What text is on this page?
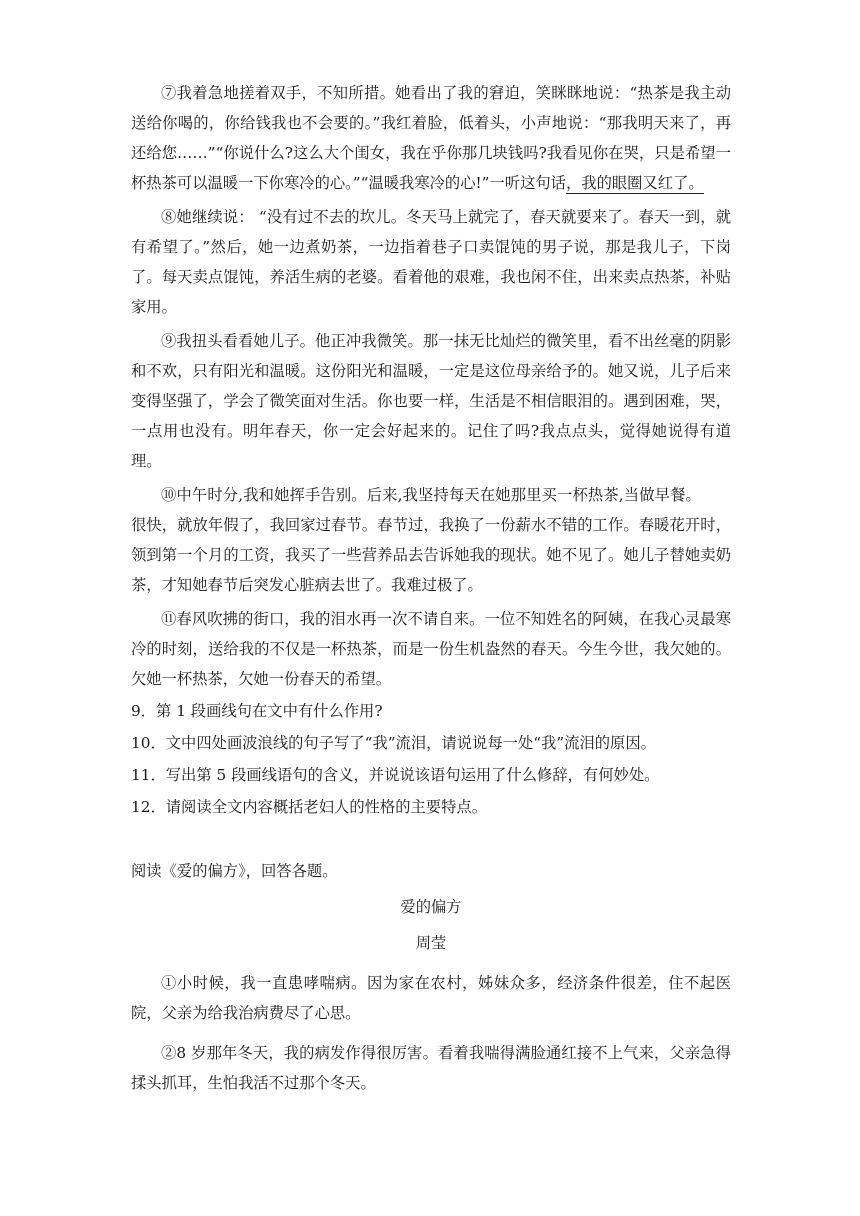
⑦我着急地搓着双手，不知所措。她看出了我的窘迫，笑眯眯地说：“热茶是我主动送给你喝的，你给钱我也不会要的。”我红着脸，低着头，小声地说：“那我明天来了，再还给您……”“你说什么?这么大个闺女，我在乎你那几块钱吗?我看见你在哭，只是希望一杯热茶可以温暖一下你寒冷的心。”“温暖我寒冷的心!”一听这句话，我的眼圈又红了。

⑧她继续说： “没有过不去的坎儿。冬天马上就完了，春天就要来了。春天一到，就有希望了。”然后，她一边煮奶茶，一边指着巷子口卖馄饨的男子说，那是我儿子，下岗了。每天卖点馄饨，养活生病的老婆。看着他的艰难，我也闲不住，出来卖点热茶，补贴家用。

⑨我扭头看看她儿子。他正冲我微笑。那一抹无比灿烂的微笑里，看不出丝毫的阴影和不欢，只有阳光和温暖。这份阳光和温暖，一定是这位母亲给予的。她又说，儿子后来变得坚强了，学会了微笑面对生活。你也要一样，生活是不相信眼泪的。遇到困难，哭，一点用也没有。明年春天，你一定会好起来的。记住了吗?我点点头，觉得她说得有道理。

⑩中午时分,我和她挥手告别。后来,我坚持每天在她那里买一杯热茶,当做早餐。很快，就放年假了，我回家过春节。春节过，我换了一份薪水不错的工作。春暖花开时，领到第一个月的工资，我买了一些营养品去告诉她我的现状。她不见了。她儿子替她卖奶茶，才知她春节后突发心脏病去世了。我难过极了。

⑪春风吹拂的街口，我的泪水再一次不请自来。一位不知姓名的阿姨，在我心灵最寒冷的时刻，送给我的不仅是一杯热茶，而是一份生机盎然的春天。今生今世，我欠她的。欠她一杯热茶，欠她一份春天的希望。

9．第 1 段画线句在文中有什么作用?

10．文中四处画波浪线的句子写了“我”流泪，请说说每一处“我”流泪的原因。

11．写出第 5 段画线语句的含义，并说说该语句运用了什么修辞，有何妙处。

12．请阅读全文内容概括老妇人的性格的主要特点。

阅读《爱的偏方》，回答各题。

爱的偏方

周莹

①小时候，我一直患哮喘病。因为家在农村，姊妹众多，经济条件很差，住不起医院，父亲为给我治病费尽了心思。

②8 岁那年冬天，我的病发作得很厉害。看着我喘得满脸通红接不上气来，父亲急得揉头抓耳，生怕我活不过那个冬天。
